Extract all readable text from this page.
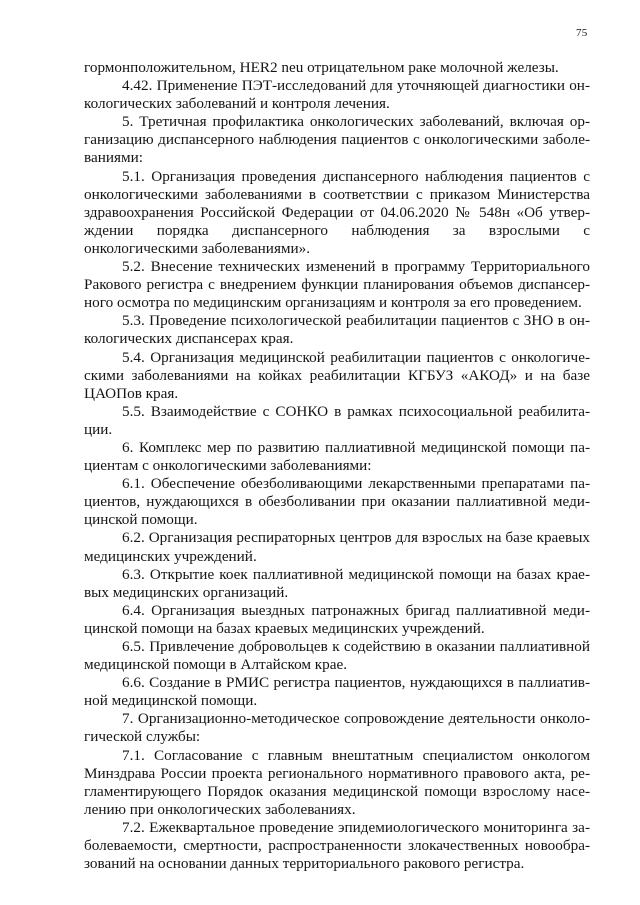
75

гормонположительном, HER2 neu отрицательном раке молочной железы.

4.42. Применение ПЭТ-исследований для уточняющей диагностики онкологических заболеваний и контроля лечения.

5. Третичная профилактика онкологических заболеваний, включая организацию диспансерного наблюдения пациентов с онкологическими заболеваниями:

5.1. Организация проведения диспансерного наблюдения пациентов с онкологическими заболеваниями в соответствии с приказом Министерства здравоохранения Российской Федерации от 04.06.2020 № 548н «Об утверждении порядка диспансерного наблюдения за взрослыми с онкологическими заболеваниями».

5.2. Внесение технических изменений в программу Территориального Ракового регистра с внедрением функции планирования объемов диспансерного осмотра по медицинским организациям и контроля за его проведением.

5.3. Проведение психологической реабилитации пациентов с ЗНО в онкологических диспансерах края.

5.4. Организация медицинской реабилитации пациентов с онкологическими заболеваниями на койках реабилитации КГБУЗ «АКОД» и на базе ЦАОПов края.

5.5. Взаимодействие с СОНКО в рамках психосоциальной реабилитации.

6. Комплекс мер по развитию паллиативной медицинской помощи пациентам с онкологическими заболеваниями:

6.1. Обеспечение обезболивающими лекарственными препаратами пациентов, нуждающихся в обезболивании при оказании паллиативной медицинской помощи.

6.2. Организация респираторных центров для взрослых на базе краевых медицинских учреждений.

6.3. Открытие коек паллиативной медицинской помощи на базах краевых медицинских организаций.

6.4. Организация выездных патронажных бригад паллиативной медицинской помощи на базах краевых медицинских учреждений.

6.5. Привлечение добровольцев к содействию в оказании паллиативной медицинской помощи в Алтайском крае.

6.6. Создание в РМИС регистра пациентов, нуждающихся в паллиативной медицинской помощи.

7. Организационно-методическое сопровождение деятельности онкологической службы:

7.1. Согласование с главным внештатным специалистом онкологом Минздрава России проекта регионального нормативного правового акта, регламентирующего Порядок оказания медицинской помощи взрослому населению при онкологических заболеваниях.

7.2. Ежеквартальное проведение эпидемиологического мониторинга заболеваемости, смертности, распространенности злокачественных новообразований на основании данных территориального ракового регистра.
